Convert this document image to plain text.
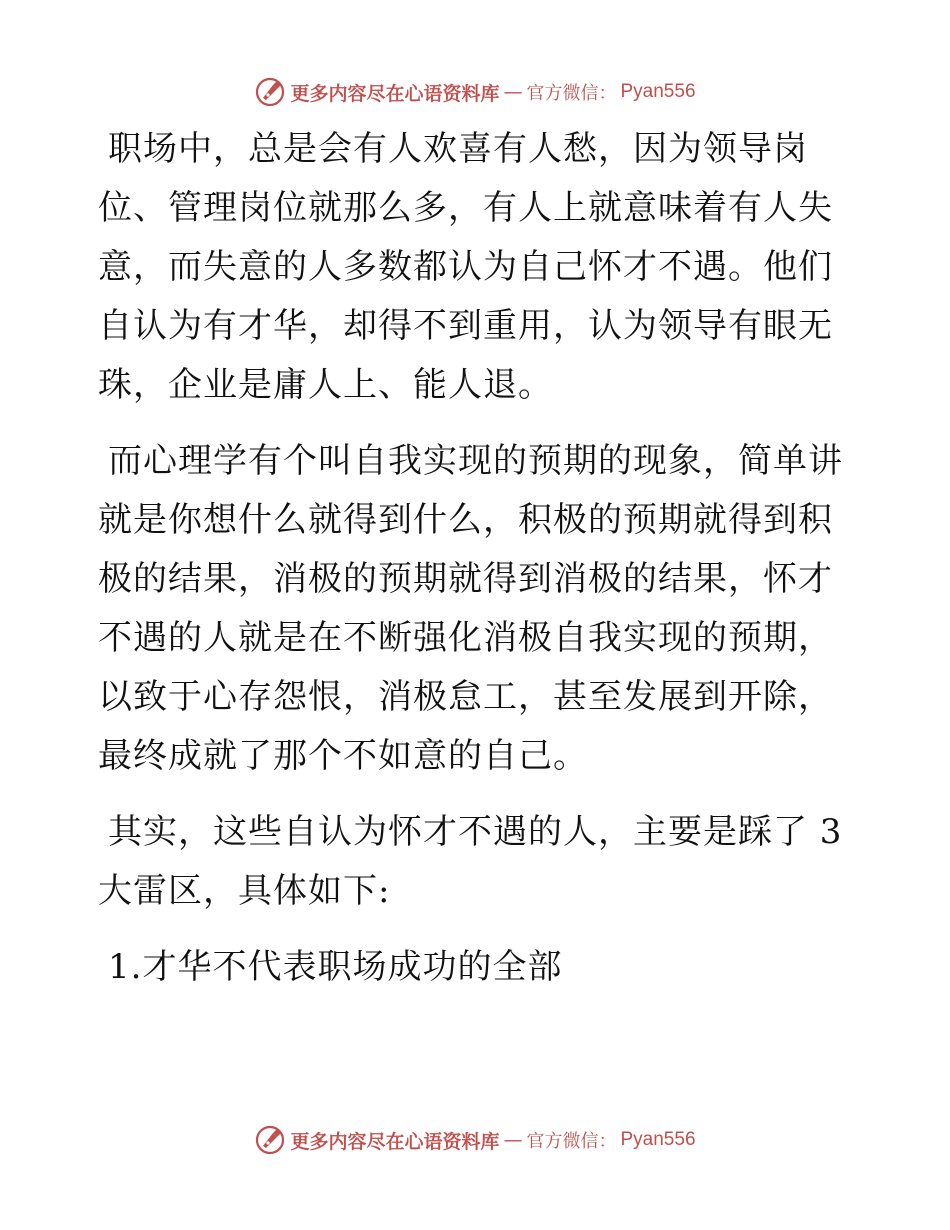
更多内容尽在心语资料库 — 官方微信： Pyan556

职场中，总是会有人欢喜有人愁，因为领导岗位、管理岗位就那么多，有人上就意味着有人失意，而失意的人多数都认为自己怀才不遇。他们自认为有才华，却得不到重用，认为领导有眼无珠，企业是庸人上、能人退。

而心理学有个叫自我实现的预期的现象，简单讲就是你想什么就得到什么，积极的预期就得到积极的结果，消极的预期就得到消极的结果，怀才不遇的人就是在不断强化消极自我实现的预期，以致于心存怨恨，消极怠工，甚至发展到开除，最终成就了那个不如意的自己。

其实，这些自认为怀才不遇的人，主要是踩了 3 大雷区，具体如下:

1.才华不代表职场成功的全部

更多内容尽在心语资料库 — 官方微信： Pyan556
